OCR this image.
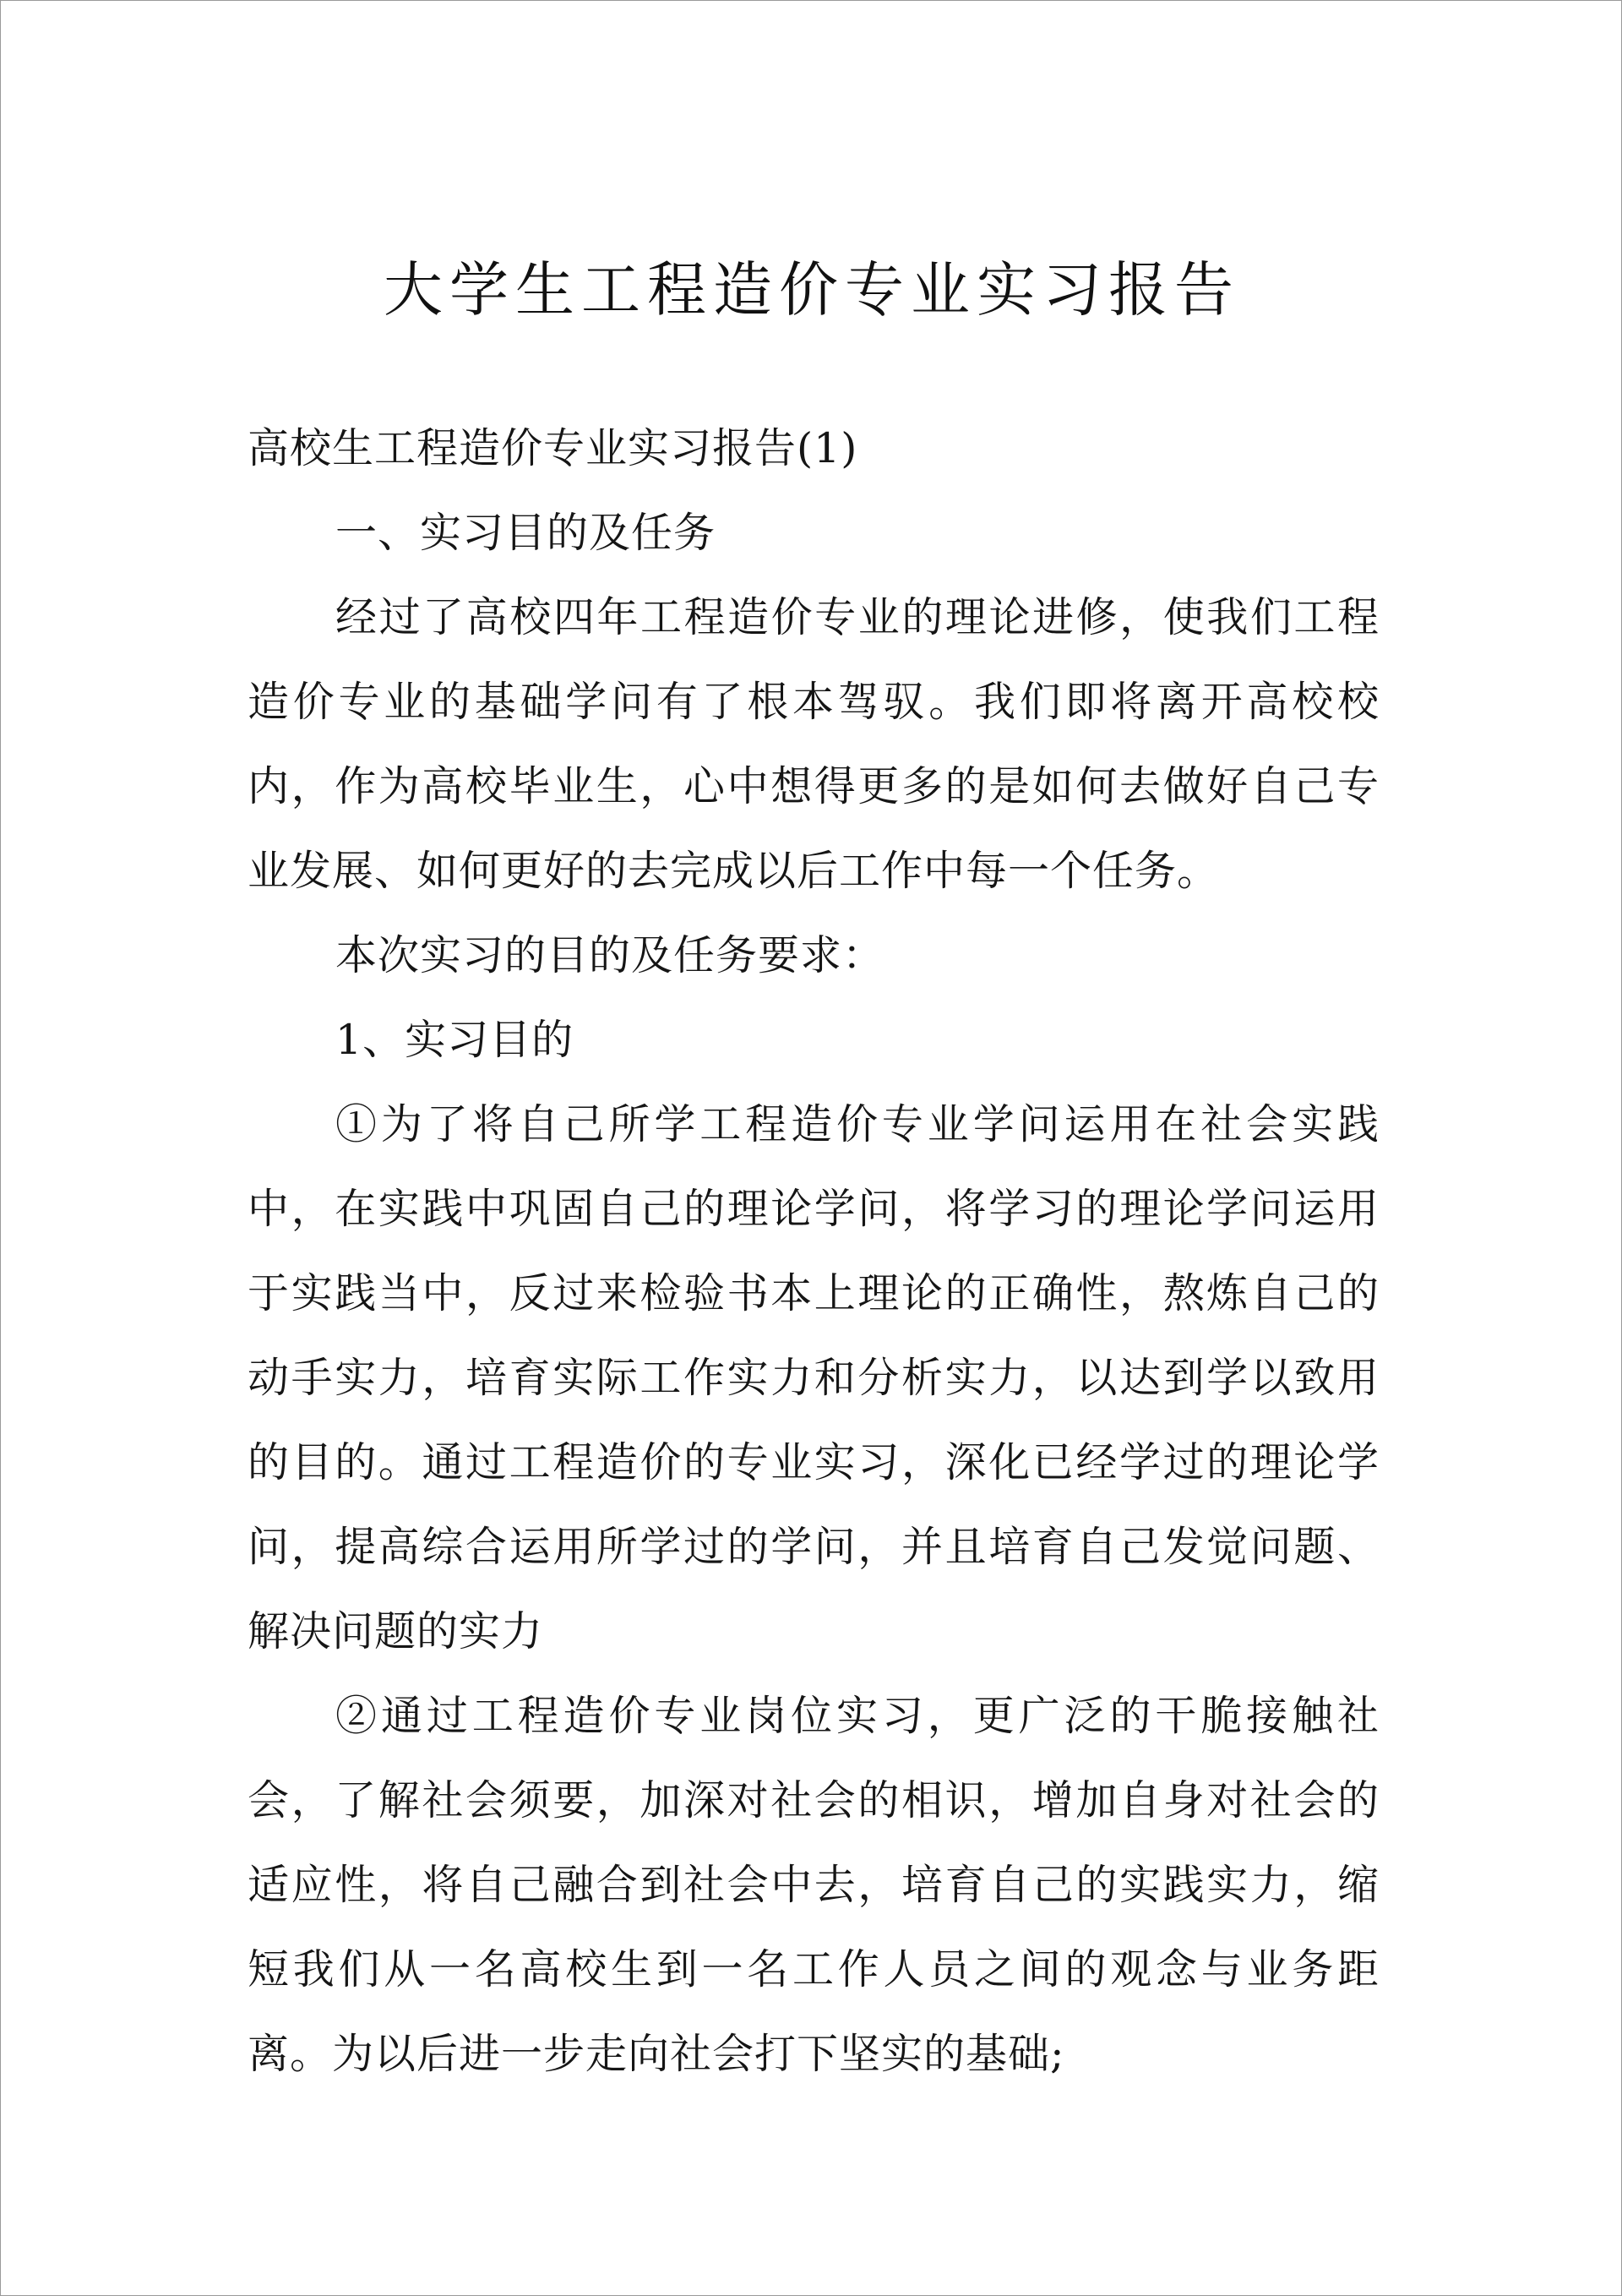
大学生工程造价专业实习报告

高校生工程造价专业实习报告(1)

一、实习目的及任务

经过了高校四年工程造价专业的理论进修，使我们工程造价专业的基础学问有了根本驾驭。我们即将离开高校校内，作为高校毕业生，心中想得更多的是如何去做好自己专业发展、如何更好的去完成以后工作中每一个任务。

本次实习的目的及任务要求：

1、实习目的

①为了将自己所学工程造价专业学问运用在社会实践中，在实践中巩固自己的理论学问，将学习的理论学问运用于实践当中，反过来检验书本上理论的正确性，熬炼自己的动手实力，培育实际工作实力和分析实力，以达到学以致用的目的。通过工程造价的专业实习，深化已经学过的理论学问，提高综合运用所学过的学问，并且培育自己发觉问题、解决问题的实力

②通过工程造价专业岗位实习，更广泛的干脆接触社会，了解社会须要，加深对社会的相识，增加自身对社会的适应性，将自己融合到社会中去，培育自己的实践实力，缩短我们从一名高校生到一名工作人员之间的观念与业务距离。为以后进一步走向社会打下坚实的基础;
